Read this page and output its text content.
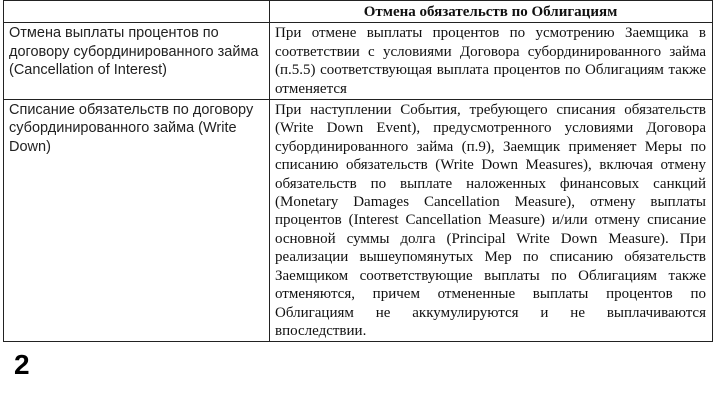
	Отмена обязательств по Облигациям
Отмена выплаты процентов по договору субординированного займа (Cancellation of Interest)	При отмене выплаты процентов по усмотрению Заемщика в соответствии с условиями Договора субординированного займа (п.5.5) соответствующая выплата процентов по Облигациям также отменяется
Списание обязательств по договору субординированного займа (Write Down)	При наступлении События, требующего списания обязательств (Write Down Event), предусмотренного условиями Договора субординированного займа (п.9), Заемщик применяет Меры по списанию обязательств (Write Down Measures), включая отмену обязательств по выплате наложенных финансовых санкций (Monetary Damages Cancellation Measure), отмену выплаты процентов (Interest Cancellation Measure) и/или отмену списание основной суммы долга (Principal Write Down Measure). При реализации вышеупомянутых Мер по списанию обязательств Заемщиком соответствующие выплаты по Облигациям также отменяются, причем отмененные выплаты процентов по Облигациям не аккумулируются и не выплачиваются впоследствии.
2
